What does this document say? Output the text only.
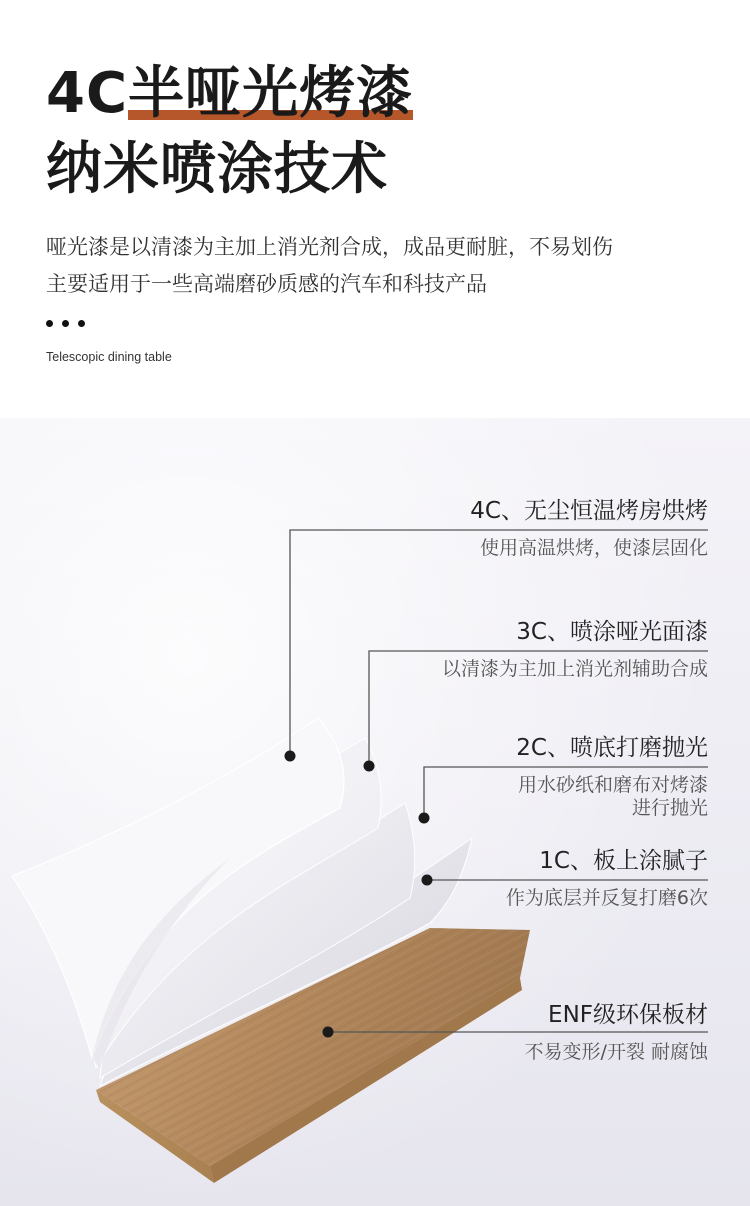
4C
半哑光烤漆
纳米喷涂技术
哑光漆是以清漆为主加上消光剂合成，成品更耐脏，不易划伤
主要适用于一些高端磨砂质感的汽车和科技产品
Telescopic dining table
4C、无尘恒温烤房烘烤
使用高温烘烤，使漆层固化
3C、喷涂哑光面漆
以清漆为主加上消光剂辅助合成
2C、喷底打磨抛光
用水砂纸和磨布对烤漆
进行抛光
1C、板上涂腻子
作为底层并反复打磨6次
ENF级环保板材
不易变形/开裂 耐腐蚀
